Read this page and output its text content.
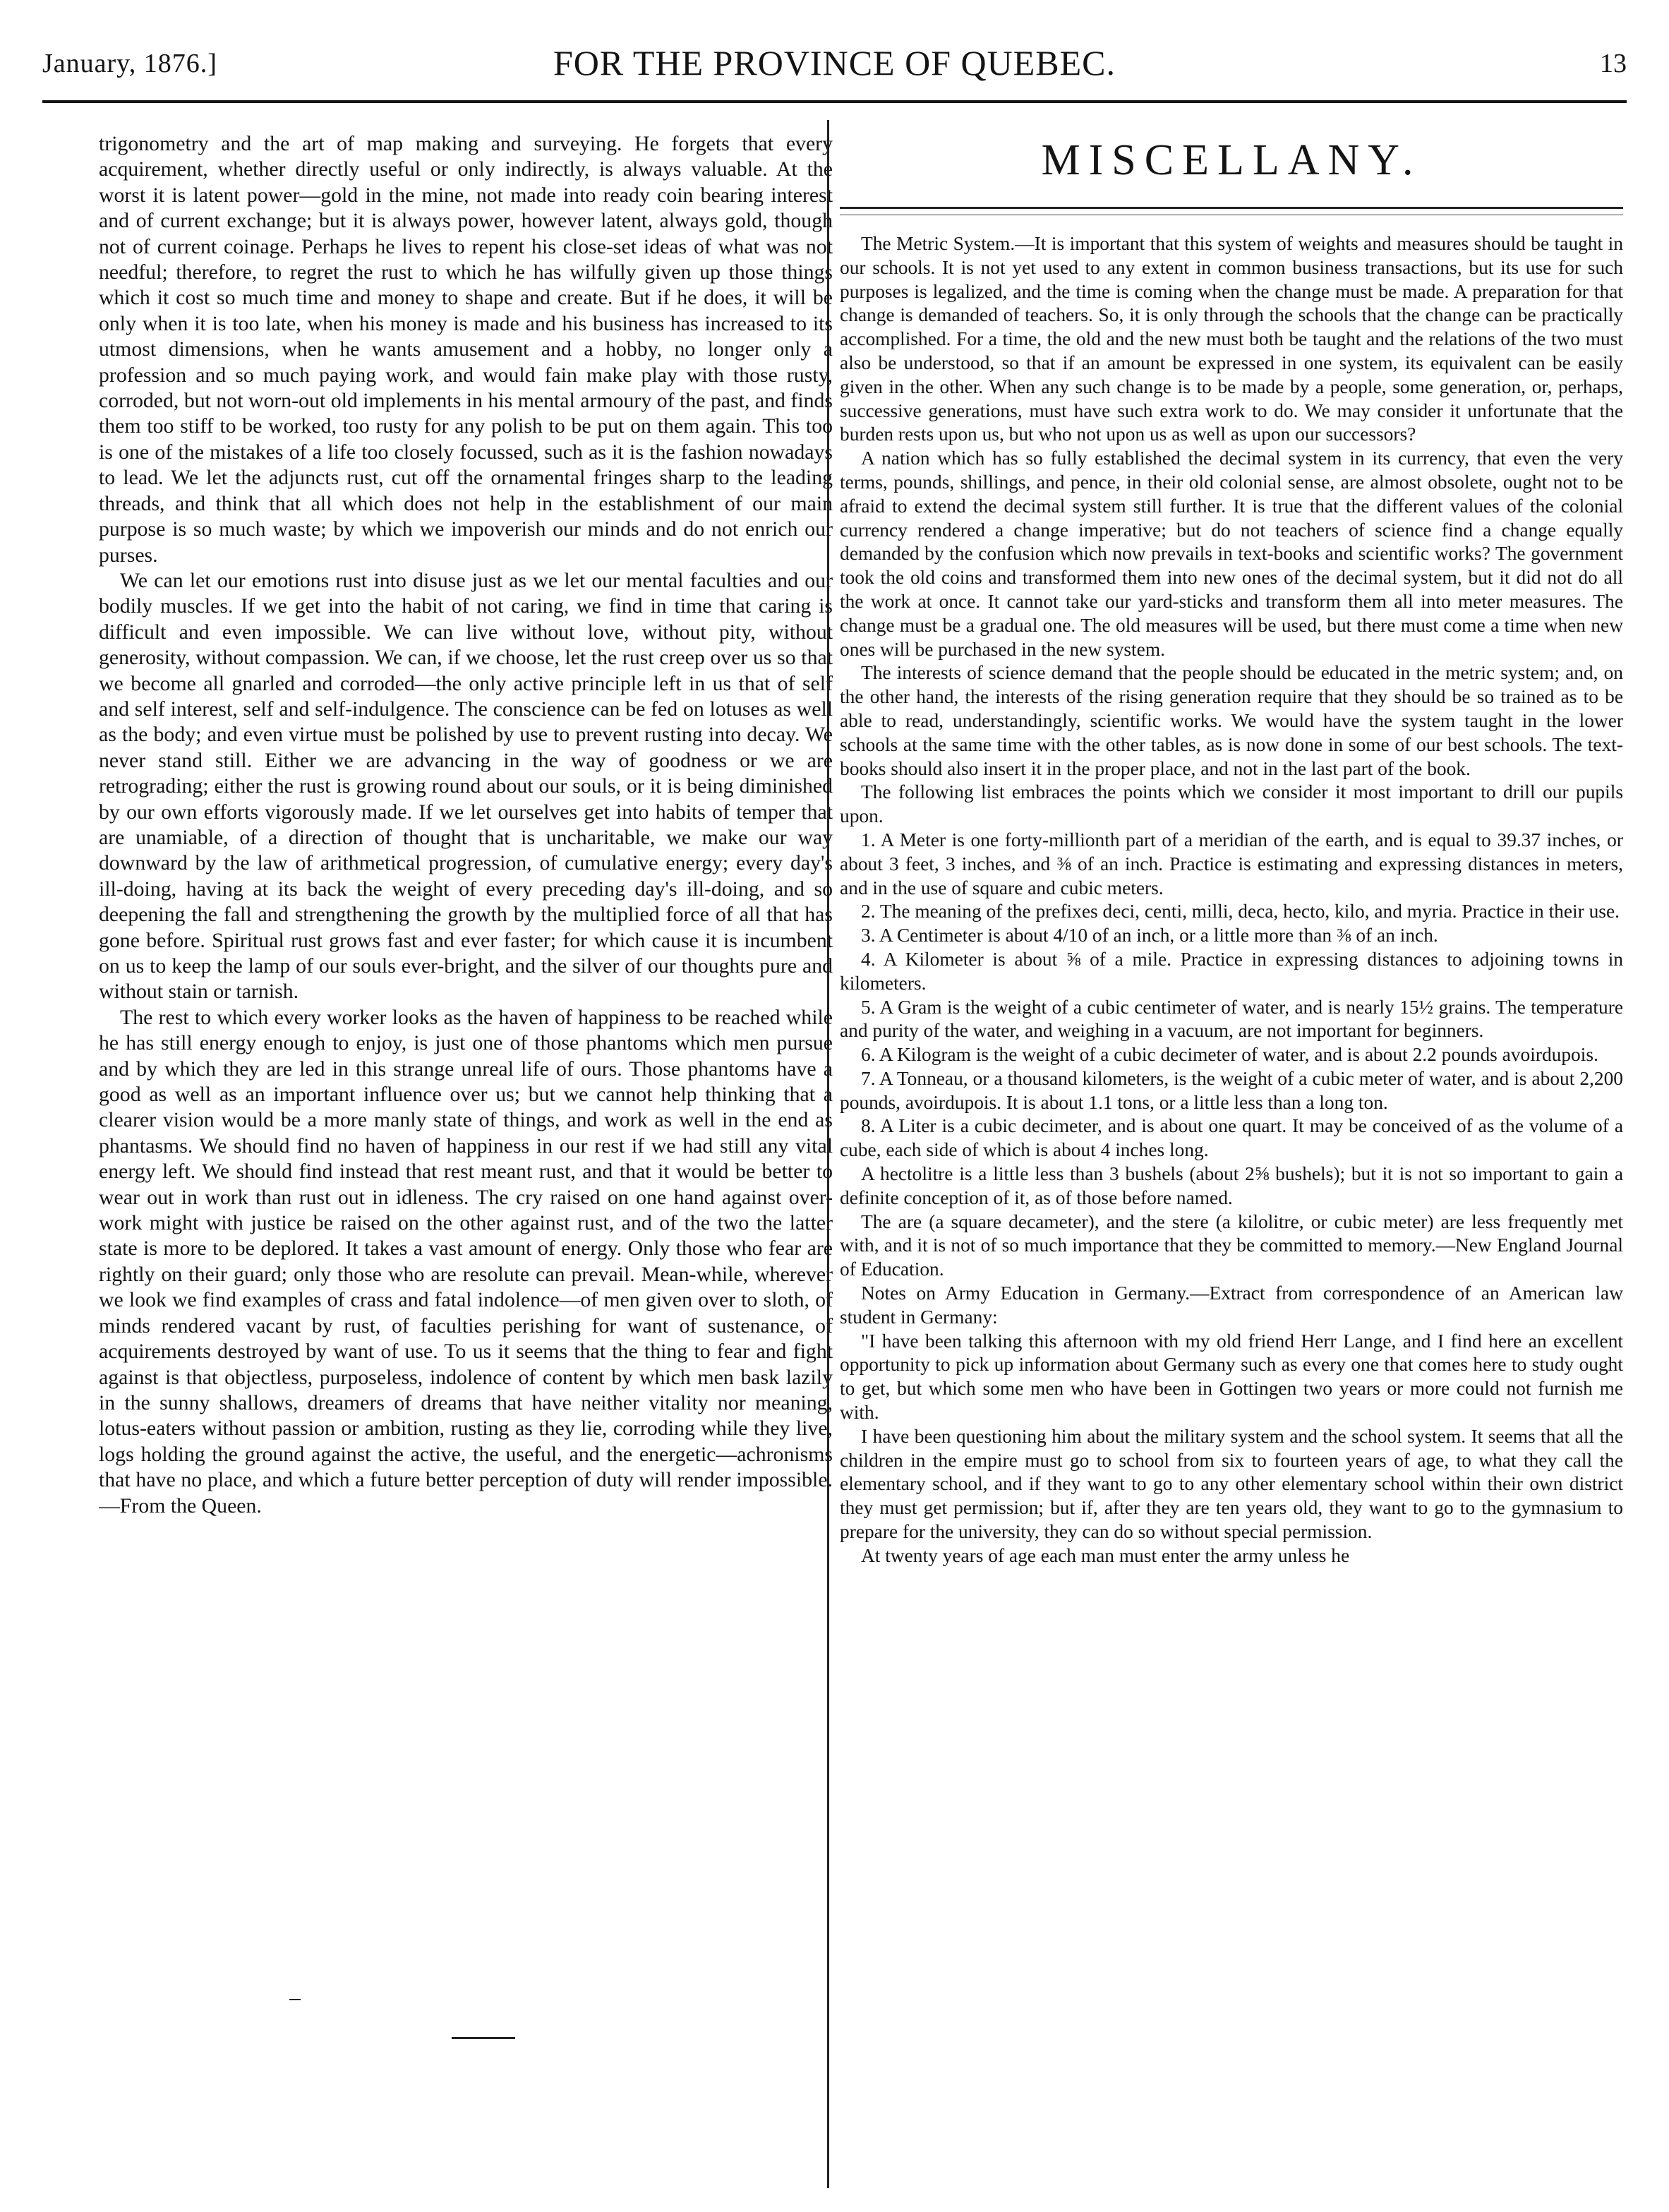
January, 1876.]	FOR THE PROVINCE OF QUEBEC.	13

trigonometry and the art of map making and surveying. He forgets that every acquirement, whether directly useful or only indirectly, is always valuable. At the worst it is latent power—gold in the mine, not made into ready coin bearing interest and of current exchange; but it is always power, however latent, always gold, though not of current coinage. Perhaps he lives to repent his close-set ideas of what was not needful; therefore, to regret the rust to which he has wilfully given up those things which it cost so much time and money to shape and create. But if he does, it will be only when it is too late, when his money is made and his business has increased to its utmost dimensions, when he wants amusement and a hobby, no longer only a profession and so much paying work, and would fain make play with those rusty, corroded, but not worn-out old implements in his mental armoury of the past, and finds them too stiff to be worked, too rusty for any polish to be put on them again. This too is one of the mistakes of a life too closely focussed, such as it is the fashion nowadays to lead. We let the adjuncts rust, cut off the ornamental fringes sharp to the leading threads, and think that all which does not help in the establishment of our main purpose is so much waste; by which we impoverish our minds and do not enrich our purses.

We can let our emotions rust into disuse just as we let our mental faculties and our bodily muscles. If we get into the habit of not caring, we find in time that caring is difficult and even impossible. We can live without love, without pity, without generosity, without compassion. We can, if we choose, let the rust creep over us so that we become all gnarled and corroded—the only active principle left in us that of self and self interest, self and self-indulgence. The conscience can be fed on lotuses as well as the body; and even virtue must be polished by use to prevent rusting into decay. We never stand still. Either we are advancing in the way of goodness or we are retrograding; either the rust is growing round about our souls, or it is being diminished by our own efforts vigorously made. If we let ourselves get into habits of temper that are unamiable, of a direction of thought that is uncharitable, we make our way downward by the law of arithmetical progression, of cumulative energy; every day's ill-doing, having at its back the weight of every preceding day's ill-doing, and so deepening the fall and strengthening the growth by the multiplied force of all that has gone before. Spiritual rust grows fast and ever faster; for which cause it is incumbent on us to keep the lamp of our souls ever-bright, and the silver of our thoughts pure and without stain or tarnish.

The rest to which every worker looks as the haven of happiness to be reached while he has still energy enough to enjoy, is just one of those phantoms which men pursue and by which they are led in this strange unreal life of ours. Those phantoms have a good as well as an important influence over us; but we cannot help thinking that a clearer vision would be a more manly state of things, and work as well in the end as phantasms. We should find no haven of happiness in our rest if we had still any vital energy left. We should find instead that rest meant rust, and that it would be better to wear out in work than rust out in idleness. The cry raised on one hand against over-work might with justice be raised on the other against rust, and of the two the latter state is more to be deplored. It takes a vast amount of energy. Only those who fear are rightly on their guard; only those who are resolute can prevail. Mean-while, wherever we look we find examples of crass and fatal indolence—of men given over to sloth, of minds rendered vacant by rust, of faculties perishing for want of sustenance, of acquirements destroyed by want of use. To us it seems that the thing to fear and fight against is that objectless, purposeless, indolence of content by which men bask lazily in the sunny shallows, dreamers of dreams that have neither vitality nor meaning, lotus-eaters without passion or ambition, rusting as they lie, corroding while they live, logs holding the ground against the active, the useful, and the energetic—achronisms that have no place, and which a future better perception of duty will render impossible.—From the Queen.

MISCELLANY.

The Metric System.—It is important that this system of weights and measures should be taught in our schools. It is not yet used to any extent in common business transactions, but its use for such purposes is legalized, and the time is coming when the change must be made. A preparation for that change is demanded of teachers. So, it is only through the schools that the change can be practically accomplished. For a time, the old and the new must both be taught and the relations of the two must also be understood, so that if an amount be expressed in one system, its equivalent can be easily given in the other. When any such change is to be made by a people, some generation, or, perhaps, successive generations, must have such extra work to do. We may consider it unfortunate that the burden rests upon us, but who not upon us as well as upon our successors?

A nation which has so fully established the decimal system in its currency, that even the very terms, pounds, shillings, and pence, in their old colonial sense, are almost obsolete, ought not to be afraid to extend the decimal system still further. It is true that the different values of the colonial currency rendered a change imperative; but do not teachers of science find a change equally demanded by the confusion which now prevails in text-books and scientific works? The government took the old coins and transformed them into new ones of the decimal system, but it did not do all the work at once. It cannot take our yard-sticks and transform them all into meter measures. The change must be a gradual one. The old measures will be used, but there must come a time when new ones will be purchased in the new system.

The interests of science demand that the people should be educated in the metric system; and, on the other hand, the interests of the rising generation require that they should be so trained as to be able to read, understandingly, scientific works. We would have the system taught in the lower schools at the same time with the other tables, as is now done in some of our best schools. The text-books should also insert it in the proper place, and not in the last part of the book.

The following list embraces the points which we consider it most important to drill our pupils upon.

1. A Meter is one forty-millionth part of a meridian of the earth, and is equal to 39.37 inches, or about 3 feet, 3 inches, and ⅜ of an inch. Practice is estimating and expressing distances in meters, and in the use of square and cubic meters.

2. The meaning of the prefixes deci, centi, milli, deca, hecto, kilo, and myria. Practice in their use.

3. A Centimeter is about 4/10 of an inch, or a little more than ⅜ of an inch.

4. A Kilometer is about ⅝ of a mile. Practice in expressing distances to adjoining towns in kilometers.

5. A Gram is the weight of a cubic centimeter of water, and is nearly 15½ grains. The temperature and purity of the water, and weighing in a vacuum, are not important for beginners.

6. A Kilogram is the weight of a cubic decimeter of water, and is about 2.2 pounds avoirdupois.

7. A Tonneau, or a thousand kilometers, is the weight of a cubic meter of water, and is about 2,200 pounds, avoirdupois. It is about 1.1 tons, or a little less than a long ton.

8. A Liter is a cubic decimeter, and is about one quart. It may be conceived of as the volume of a cube, each side of which is about 4 inches long.

A hectolitre is a little less than 3 bushels (about 2⅝ bushels); but it is not so important to gain a definite conception of it, as of those before named.

The are (a square decameter), and the stere (a kilolitre, or cubic meter) are less frequently met with, and it is not of so much importance that they be committed to memory.—New England Journal of Education.

Notes on Army Education in Germany.—Extract from correspondence of an American law student in Germany:

"I have been talking this afternoon with my old friend Herr Lange, and I find here an excellent opportunity to pick up information about Germany such as every one that comes here to study ought to get, but which some men who have been in Gottingen two years or more could not furnish me with.

I have been questioning him about the military system and the school system. It seems that all the children in the empire must go to school from six to fourteen years of age, to what they call the elementary school, and if they want to go to any other elementary school within their own district they must get permission; but if, after they are ten years old, they want to go to the gymnasium to prepare for the university, they can do so without special permission.

At twenty years of age each man must enter the army unless he
